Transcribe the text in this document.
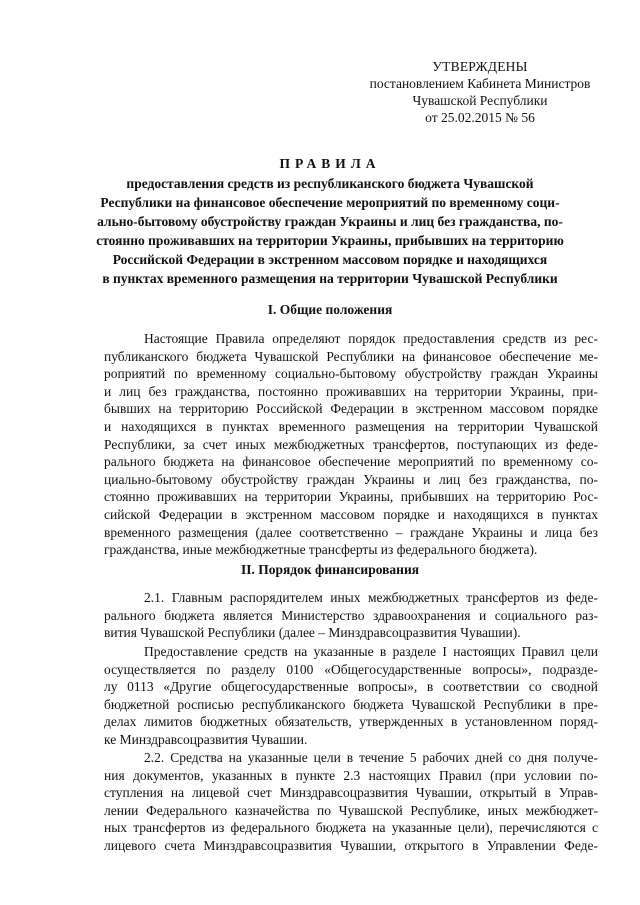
УТВЕРЖДЕНЫ
постановлением Кабинета Министров
Чувашской Республики
от 25.02.2015 № 56
ПРАВИЛА
предоставления средств из республиканского бюджета Чувашской
Республики на финансовое обеспечение мероприятий по временному соци-
ально-бытовому обустройству граждан Украины и лиц без гражданства, по-
стоянно проживавших на территории Украины, прибывших на территорию
Российской Федерации в экстренном массовом порядке и находящихся
в пунктах временного размещения на территории Чувашской Республики
I. Общие положения
Настоящие Правила определяют порядок предоставления средств из рес-
публиканского бюджета Чувашской Республики на финансовое обеспечение ме-
роприятий по временному социально-бытовому обустройству граждан Украины
и лиц без гражданства, постоянно проживавших на территории Украины, при-
бывших на территорию Российской Федерации в экстренном массовом порядке
и находящихся в пунктах временного размещения на территории Чувашской
Республики, за счет иных межбюджетных трансфертов, поступающих из феде-
рального бюджета на финансовое обеспечение мероприятий по временному со-
циально-бытовому обустройству граждан Украины и лиц без гражданства, по-
стоянно проживавших на территории Украины, прибывших на территорию Рос-
сийской Федерации в экстренном массовом порядке и находящихся в пунктах
временного размещения (далее соответственно – граждане Украины и лица без
гражданства, иные межбюджетные трансферты из федерального бюджета).
II. Порядок финансирования
2.1. Главным распорядителем иных межбюджетных трансфертов из феде-
рального бюджета является Министерство здравоохранения и социального раз-
вития Чувашской Республики (далее – Минздравсоцразвития Чувашии).
Предоставление средств на указанные в разделе I настоящих Правил цели
осуществляется по разделу 0100 «Общегосударственные вопросы», подразде-
лу 0113 «Другие общегосударственные вопросы», в соответствии со сводной
бюджетной росписью республиканского бюджета Чувашской Республики в пре-
делах лимитов бюджетных обязательств, утвержденных в установленном поряд-
ке Минздравсоцразвития Чувашии.
2.2. Средства на указанные цели в течение 5 рабочих дней со дня получе-
ния документов, указанных в пункте 2.3 настоящих Правил (при условии по-
ступления на лицевой счет Минздравсоцразвития Чувашии, открытый в Управ-
лении Федерального казначейства по Чувашской Республике, иных межбюджет-
ных трансфертов из федерального бюджета на указанные цели), перечисляются с
лицевого счета Минздравсоцразвития Чувашии, открытого в Управлении Феде-
